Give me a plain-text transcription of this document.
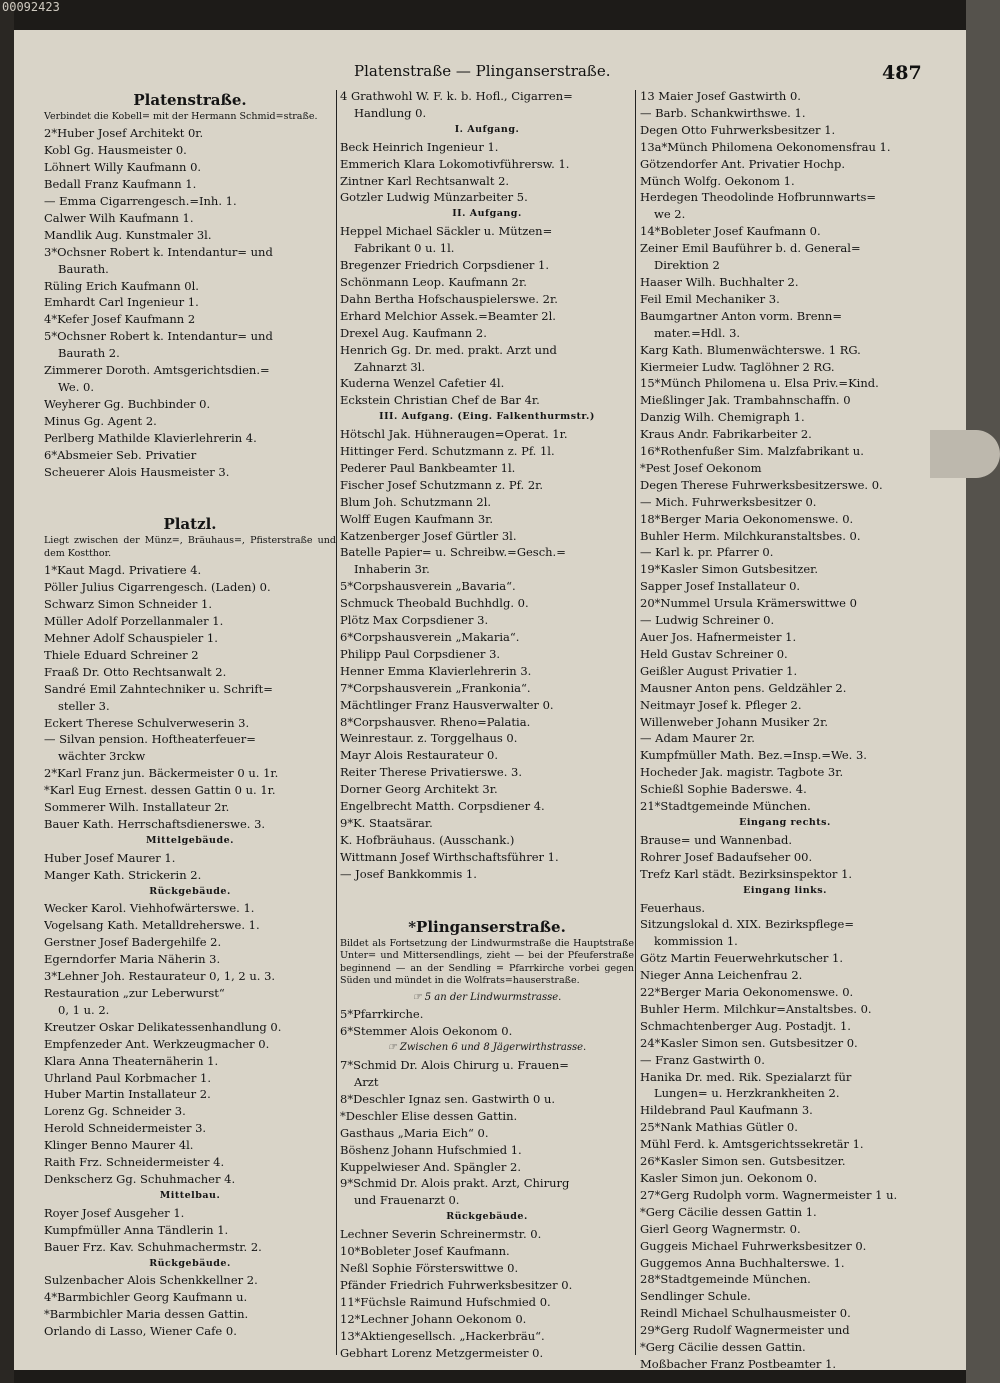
00092423
Platenstraße — Plinganserstraße.	487
Platenstraße.
Verbindet die Kobell= mit der Hermann Schmid=straße.
2*Huber Josef Architekt 0r.
Kobl Gg. Hausmeister 0.
Löhnert Willy Kaufmann 0.
Bedall Franz Kaufmann 1.
— Emma Cigarrengesch.=Inh. 1.
Calwer Wilh Kaufmann 1.
Mandlik Aug. Kunstmaler 3l.
3*Ochsner Robert k. Intendantur= und
Baurath.
Rüling Erich Kaufmann 0l.
Emhardt Carl Ingenieur 1.
4*Kefer Josef Kaufmann 2
5*Ochsner Robert k. Intendantur= und
Baurath 2.
Zimmerer Doroth. Amtsgerichtsdien.=
We. 0.
Weyherer Gg. Buchbinder 0.
Minus Gg. Agent 2.
Perlberg Mathilde Klavierlehrerin 4.
6*Absmeier Seb. Privatier
Scheuerer Alois Hausmeister 3.
Platzl.
Liegt zwischen der Münz=, Bräuhaus=, Pfisterstraße und dem Kostthor.
1*Kaut Magd. Privatiere 4.
Pöller Julius Cigarrengesch. (Laden) 0.
Schwarz Simon Schneider 1.
Müller Adolf Porzellanmaler 1.
Mehner Adolf Schauspieler 1.
Thiele Eduard Schreiner 2
Fraaß Dr. Otto Rechtsanwalt 2.
Sandré Emil Zahntechniker u. Schrift=
steller 3.
Eckert Therese Schulverweserin 3.
— Silvan pension. Hoftheaterfeuer=
wächter 3rckw
2*Karl Franz jun. Bäckermeister 0 u. 1r.
*Karl Eug Ernest. dessen Gattin 0 u. 1r.
Sommerer Wilh. Installateur 2r.
Bauer Kath. Herrschaftsdienerswe. 3.
Mittelgebäude.
Huber Josef Maurer 1.
Manger Kath. Strickerin 2.
Rückgebäude.
Wecker Karol. Viehhofwärterswe. 1.
Vogelsang Kath. Metalldreherswe. 1.
Gerstner Josef Badergehilfe 2.
Egerndorfer Maria Näherin 3.
3*Lehner Joh. Restaurateur 0, 1, 2 u. 3.
Restauration „zur Leberwurst“
0, 1 u. 2.
Kreutzer Oskar Delikatessenhandlung 0.
Empfenzeder Ant. Werkzeugmacher 0.
Klara Anna Theaternäherin 1.
Uhrland Paul Korbmacher 1.
Huber Martin Installateur 2.
Lorenz Gg. Schneider 3.
Herold Schneidermeister 3.
Klinger Benno Maurer 4l.
Raith Frz. Schneidermeister 4.
Denkscherz Gg. Schuhmacher 4.
Mittelbau.
Royer Josef Ausgeher 1.
Kumpfmüller Anna Tändlerin 1.
Bauer Frz. Kav. Schuhmachermstr. 2.
Rückgebäude.
Sulzenbacher Alois Schenkkellner 2.
4*Barmbichler Georg Kaufmann u.
*Barmbichler Maria dessen Gattin.
Orlando di Lasso, Wiener Cafe 0.
4 Grathwohl W. F. k. b. Hofl., Cigarren=
Handlung 0.
I. Aufgang.
Beck Heinrich Ingenieur 1.
Emmerich Klara Lokomotivführersw. 1.
Zintner Karl Rechtsanwalt 2.
Gotzler Ludwig Münzarbeiter 5.
II. Aufgang.
Heppel Michael Säckler u. Mützen=
Fabrikant 0 u. 1l.
Bregenzer Friedrich Corpsdiener 1.
Schönmann Leop. Kaufmann 2r.
Dahn Bertha Hofschauspielerswe. 2r.
Erhard Melchior Assek.=Beamter 2l.
Drexel Aug. Kaufmann 2.
Henrich Gg. Dr. med. prakt. Arzt und
Zahnarzt 3l.
Kuderna Wenzel Cafetier 4l.
Eckstein Christian Chef de Bar 4r.
III. Aufgang. (Eing. Falkenthurmstr.)
Hötschl Jak. Hühneraugen=Operat. 1r.
Hittinger Ferd. Schutzmann z. Pf. 1l.
Pederer Paul Bankbeamter 1l.
Fischer Josef Schutzmann z. Pf. 2r.
Blum Joh. Schutzmann 2l.
Wolff Eugen Kaufmann 3r.
Katzenberger Josef Gürtler 3l.
Batelle Papier= u. Schreibw.=Gesch.=
Inhaberin 3r.
5*Corpshausverein „Bavaria“.
Schmuck Theobald Buchhdlg. 0.
Plötz Max Corpsdiener 3.
6*Corpshausverein „Makaria“.
Philipp Paul Corpsdiener 3.
Henner Emma Klavierlehrerin 3.
7*Corpshausverein „Frankonia“.
Mächtlinger Franz Hausverwalter 0.
8*Corpshausver. Rheno=Palatia.
Weinrestaur. z. Torggelhaus 0.
Mayr Alois Restaurateur 0.
Reiter Therese Privatierswe. 3.
Dorner Georg Architekt 3r.
Engelbrecht Matth. Corpsdiener 4.
9*K. Staatsärar.
K. Hofbräuhaus. (Ausschank.)
Wittmann Josef Wirthschaftsführer 1.
— Josef Bankkommis 1.
*Plinganserstraße.
Bildet als Fortsetzung der Lindwurmstraße die Hauptstraße Unter= und Mittersendlings, zieht — bei der Pfeuferstraße beginnend — an der Sendling = Pfarrkirche vorbei gegen Süden und mündet in die Wolfrats=hauserstraße.
☞ 5 an der Lindwurmstrasse.
5*Pfarrkirche.
6*Stemmer Alois Oekonom 0.
☞ Zwischen 6 und 8 Jägerwirthstrasse.
7*Schmid Dr. Alois Chirurg u. Frauen=
Arzt
8*Deschler Ignaz sen. Gastwirth 0 u.
*Deschler Elise dessen Gattin.
Gasthaus „Maria Eich“ 0.
Böshenz Johann Hufschmied 1.
Kuppelwieser And. Spängler 2.
9*Schmid Dr. Alois prakt. Arzt, Chirurg
und Frauenarzt 0.
Rückgebäude.
Lechner Severin Schreinermstr. 0.
10*Bobleter Josef Kaufmann.
Neßl Sophie Försterswittwe 0.
Pfänder Friedrich Fuhrwerksbesitzer 0.
11*Füchsle Raimund Hufschmied 0.
12*Lechner Johann Oekonom 0.
13*Aktiengesellsch. „Hackerbräu“.
Gebhart Lorenz Metzgermeister 0.
13 Maier Josef Gastwirth 0.
— Barb. Schankwirthswe. 1.
Degen Otto Fuhrwerksbesitzer 1.
13a*Münch Philomena Oekonomensfrau 1.
Götzendorfer Ant. Privatier Hochp.
Münch Wolfg. Oekonom 1.
Herdegen Theodolinde Hofbrunnwarts=
we 2.
14*Bobleter Josef Kaufmann 0.
Zeiner Emil Bauführer b. d. General=
Direktion 2
Haaser Wilh. Buchhalter 2.
Feil Emil Mechaniker 3.
Baumgartner Anton vorm. Brenn=
mater.=Hdl. 3.
Karg Kath. Blumenwächterswe. 1 RG.
Kiermeier Ludw. Taglöhner 2 RG.
15*Münch Philomena u. Elsa Priv.=Kind.
Mießlinger Jak. Trambahnschaffn. 0
Danzig Wilh. Chemigraph 1.
Kraus Andr. Fabrikarbeiter 2.
16*Rothenfußer Sim. Malzfabrikant u.
*Pest Josef Oekonom
Degen Therese Fuhrwerksbesitzerswe. 0.
— Mich. Fuhrwerksbesitzer 0.
18*Berger Maria Oekonomenswe. 0.
Buhler Herm. Milchkuranstaltsbes. 0.
— Karl k. pr. Pfarrer 0.
19*Kasler Simon Gutsbesitzer.
Sapper Josef Installateur 0.
20*Nummel Ursula Krämerswittwe 0
— Ludwig Schreiner 0.
Auer Jos. Hafnermeister 1.
Held Gustav Schreiner 0.
Geißler August Privatier 1.
Mausner Anton pens. Geldzähler 2.
Neitmayr Josef k. Pfleger 2.
Willenweber Johann Musiker 2r.
— Adam Maurer 2r.
Kumpfmüller Math. Bez.=Insp.=We. 3.
Hocheder Jak. magistr. Tagbote 3r.
Schießl Sophie Baderswe. 4.
21*Stadtgemeinde München.
Eingang rechts.
Brause= und Wannenbad.
Rohrer Josef Badaufseher 00.
Trefz Karl städt. Bezirksinspektor 1.
Eingang links.
Feuerhaus.
Sitzungslokal d. XIX. Bezirkspflege=
kommission 1.
Götz Martin Feuerwehrkutscher 1.
Nieger Anna Leichenfrau 2.
22*Berger Maria Oekonomenswe. 0.
Buhler Herm. Milchkur=Anstaltsbes. 0.
Schmachtenberger Aug. Postadjt. 1.
24*Kasler Simon sen. Gutsbesitzer 0.
— Franz Gastwirth 0.
Hanika Dr. med. Rik. Spezialarzt für
Lungen= u. Herzkrankheiten 2.
Hildebrand Paul Kaufmann 3.
25*Nank Mathias Gütler 0.
Mühl Ferd. k. Amtsgerichtssekretär 1.
26*Kasler Simon sen. Gutsbesitzer.
Kasler Simon jun. Oekonom 0.
27*Gerg Rudolph vorm. Wagnermeister 1 u.
*Gerg Cäcilie dessen Gattin 1.
Gierl Georg Wagnermstr. 0.
Guggeis Michael Fuhrwerksbesitzer 0.
Guggemos Anna Buchhalterswe. 1.
28*Stadtgemeinde München.
Sendlinger Schule.
Reindl Michael Schulhausmeister 0.
29*Gerg Rudolf Wagnermeister und
*Gerg Cäcilie dessen Gattin.
Moßbacher Franz Postbeamter 1.
